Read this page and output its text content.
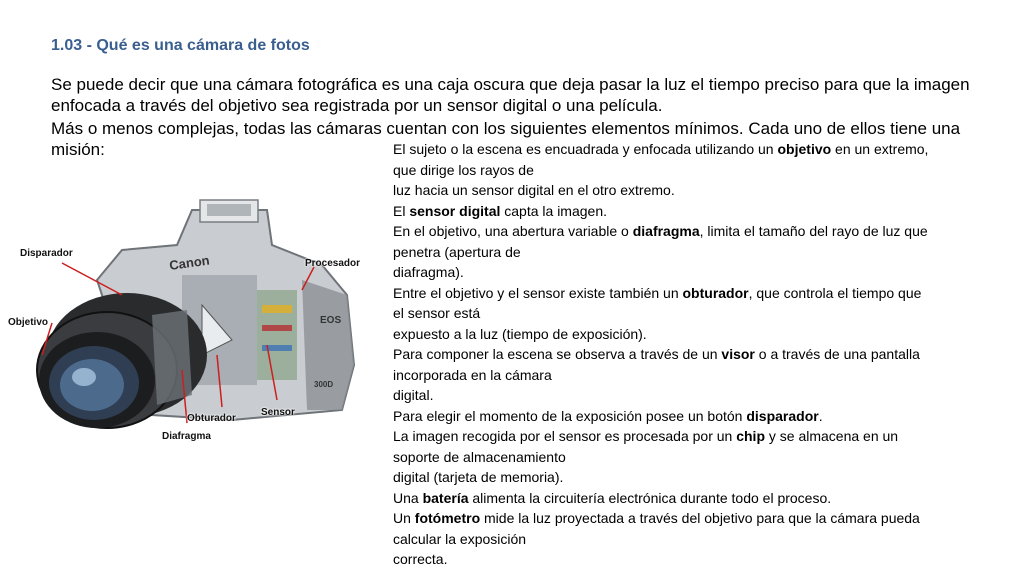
1.03 - Qué es una cámara de fotos
Se puede decir que una cámara fotográfica es una caja oscura que deja pasar la luz el tiempo preciso para que la imagen enfocada a través del objetivo sea registrada por un sensor digital o una película.
Más o menos complejas, todas las cámaras cuentan con los siguientes elementos mínimos. Cada uno de ellos tiene una misión:
Canon
EOS
300D
Disparador
Procesador
Objetivo
Obturador
Sensor
Diafragma
El sujeto o la escena es encuadrada y enfocada utilizando un objetivo en un extremo,
que dirige los rayos de
luz hacia un sensor digital en el otro extremo.
El sensor digital capta la imagen.
En el objetivo, una abertura variable o diafragma, limita el tamaño del rayo de luz que
penetra (apertura de
diafragma).
Entre el objetivo y el sensor existe también un obturador, que controla el tiempo que
el sensor está
expuesto a la luz (tiempo de exposición).
Para componer la escena se observa a través de un visor o a través de una pantalla
incorporada en la cámara
digital.
Para elegir el momento de la exposición posee un botón disparador.
La imagen recogida por el sensor es procesada por un chip y se almacena en un
soporte de almacenamiento
digital (tarjeta de memoria).
Una batería alimenta la circuitería electrónica durante todo el proceso.
Un fotómetro mide la luz proyectada a través del objetivo para que la cámara pueda
calcular la exposición
correcta.
